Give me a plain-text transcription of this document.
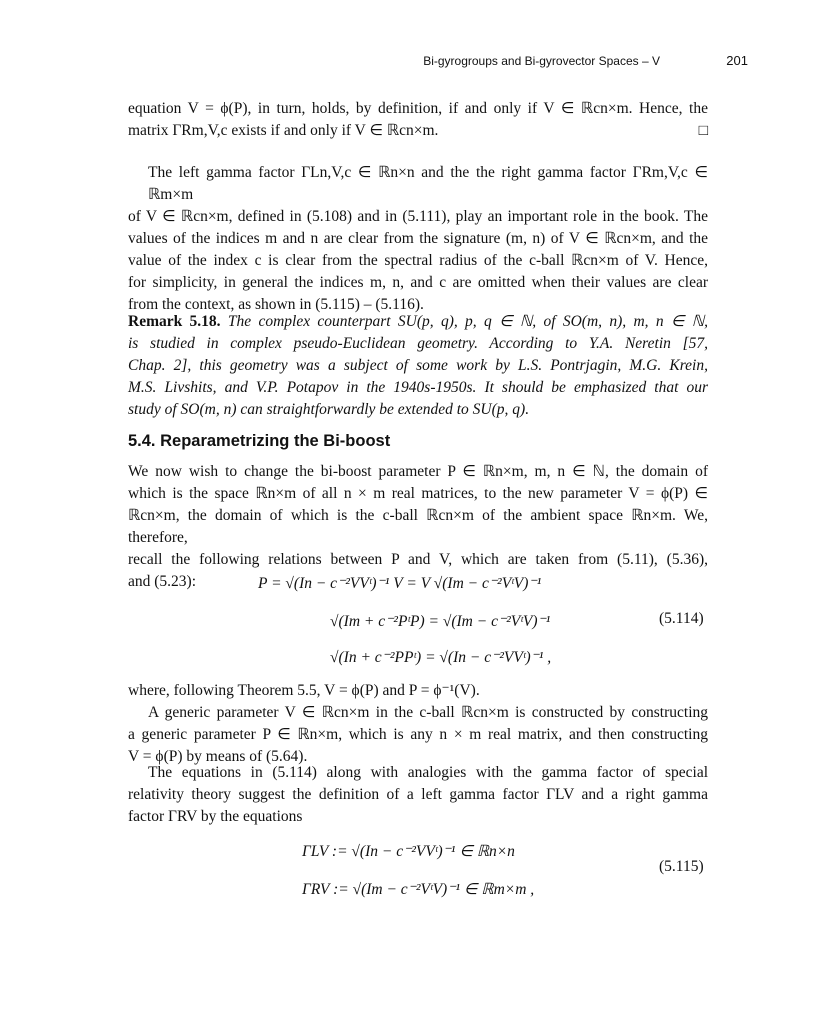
Bi-gyrogroups and Bi-gyrovector Spaces – V	201
equation V = ϕ(P), in turn, holds, by definition, if and only if V ∈ ℝcn×m. Hence, the
matrix ΓRm,V,c exists if and only if V ∈ ℝcn×m.	□
The left gamma factor ΓLn,V,c ∈ ℝn×n and the the right gamma factor ΓRm,V,c ∈ ℝm×m
of V ∈ ℝcn×m, defined in (5.108) and in (5.111), play an important role in the book. The
values of the indices m and n are clear from the signature (m, n) of V ∈ ℝcn×m, and the
value of the index c is clear from the spectral radius of the c-ball ℝcn×m of V. Hence,
for simplicity, in general the indices m, n, and c are omitted when their values are clear
from the context, as shown in (5.115) – (5.116).
Remark 5.18. The complex counterpart SU(p, q), p, q ∈ ℕ, of SO(m, n), m, n ∈ ℕ,
is studied in complex pseudo-Euclidean geometry. According to Y.A. Neretin [57,
Chap. 2], this geometry was a subject of some work by L.S. Pontrjagin, M.G. Krein,
M.S. Livshits, and V.P. Potapov in the 1940s-1950s. It should be emphasized that our
study of SO(m, n) can straightforwardly be extended to SU(p, q).
5.4. Reparametrizing the Bi-boost
We now wish to change the bi-boost parameter P ∈ ℝn×m, m, n ∈ ℕ, the domain of
which is the space ℝn×m of all n × m real matrices, to the new parameter V = ϕ(P) ∈
ℝcn×m, the domain of which is the c-ball ℝcn×m of the ambient space ℝn×m. We, therefore,
recall the following relations between P and V, which are taken from (5.11), (5.36),
and (5.23):	P = √(In − c⁻²VVᵗ)⁻¹ V = V √(Im − c⁻²VᵗV)⁻¹
√(Im + c⁻²PᵗP) = √(Im − c⁻²VᵗV)⁻¹
√(In + c⁻²PPᵗ) = √(In − c⁻²VVᵗ)⁻¹ ,
(5.114)
where, following Theorem 5.5, V = ϕ(P) and P = ϕ⁻¹(V).
A generic parameter V ∈ ℝcn×m in the c-ball ℝcn×m is constructed by constructing
a generic parameter P ∈ ℝn×m, which is any n × m real matrix, and then constructing
V = ϕ(P) by means of (5.64).
The equations in (5.114) along with analogies with the gamma factor of special
relativity theory suggest the definition of a left gamma factor ΓLV and a right gamma
factor ΓRV by the equations
ΓLV := √(In − c⁻²VVᵗ)⁻¹ ∈ ℝn×n
ΓRV := √(Im − c⁻²VᵗV)⁻¹ ∈ ℝm×m ,
(5.115)
